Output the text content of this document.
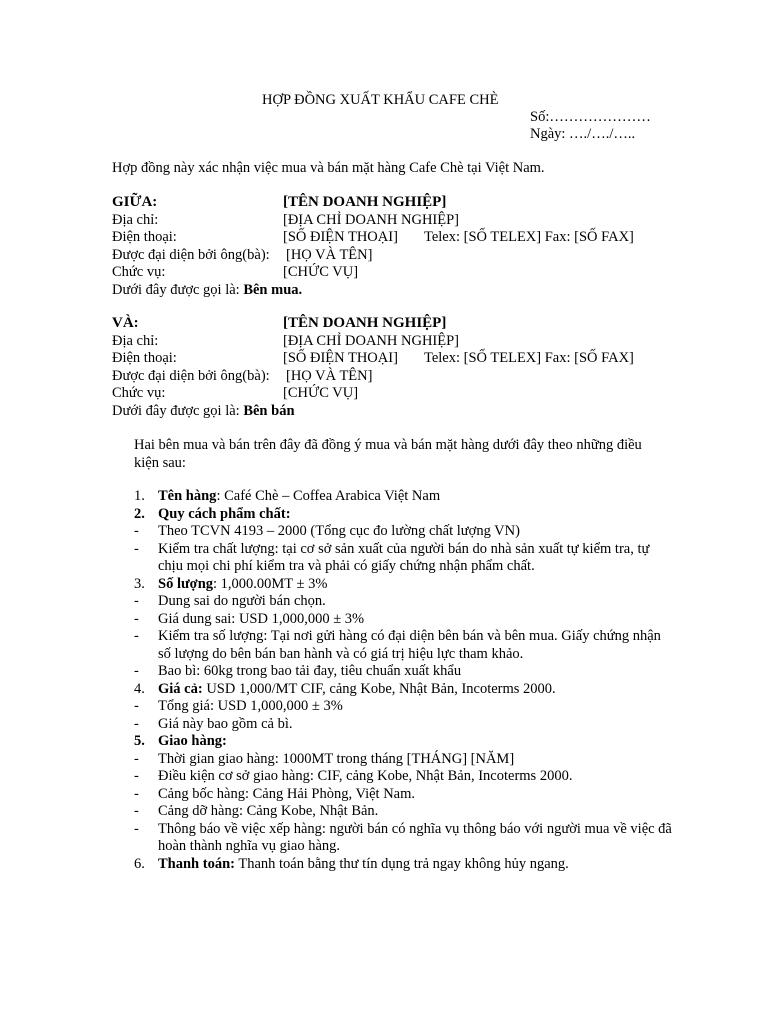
HỢP ĐỒNG XUẤT KHẨU CAFE CHÈ
Số:…………………
Ngày: …./…./…..
Hợp đồng này xác nhận việc mua và bán mặt hàng Cafe Chè tại Việt Nam.
GIỮA:	[TÊN DOANH NGHIỆP]
Địa chỉ:	[ĐỊA CHỈ DOANH NGHIỆP]
Điện thoại:	[SỐ ĐIỆN THOẠI] Telex: [SỐ TELEX] Fax: [SỐ FAX]
Được đại diện bởi ông(bà): [HỌ VÀ TÊN]
Chức vụ:	[CHỨC VỤ]
Dưới đây được gọi là: Bên mua.
VÀ:	[TÊN DOANH NGHIỆP]
Địa chỉ:	[ĐỊA CHỈ DOANH NGHIỆP]
Điện thoại:	[SỐ ĐIỆN THOẠI] Telex: [SỐ TELEX] Fax: [SỐ FAX]
Được đại diện bởi ông(bà): [HỌ VÀ TÊN]
Chức vụ:	[CHỨC VỤ]
Dưới đây được gọi là: Bên bán
Hai bên mua và bán trên đây đã đồng ý mua và bán mặt hàng dưới đây theo những điều kiện sau:
1. Tên hàng: Café Chè – Coffea Arabica Việt Nam
2. Quy cách phẩm chất:
- Theo TCVN 4193 – 2000 (Tổng cục đo lường chất lượng VN)
- Kiểm tra chất lượng: tại cơ sở sản xuất của người bán do nhà sản xuất tự kiểm tra, tự chịu mọi chi phí kiểm tra và phải có giấy chứng nhận phẩm chất.
3. Số lượng: 1,000.00MT ± 3%
- Dung sai do người bán chọn.
- Giá dung sai: USD 1,000,000 ± 3%
- Kiểm tra số lượng: Tại nơi gửi hàng có đại diện bên bán và bên mua. Giấy chứng nhận số lượng do bên bán ban hành và có giá trị hiệu lực tham khảo.
- Bao bì: 60kg trong bao tải đay, tiêu chuẩn xuất khẩu
4. Giá cả: USD 1,000/MT CIF, cảng Kobe, Nhật Bản, Incoterms 2000.
- Tổng giá: USD 1,000,000 ± 3%
- Giá này bao gồm cả bì.
5. Giao hàng:
- Thời gian giao hàng: 1000MT trong tháng [THÁNG] [NĂM]
- Điều kiện cơ sở giao hàng: CIF, cảng Kobe, Nhật Bản, Incoterms 2000.
- Cảng bốc hàng: Cảng Hải Phòng, Việt Nam.
- Cảng dỡ hàng: Cảng Kobe, Nhật Bản.
- Thông báo về việc xếp hàng: người bán có nghĩa vụ thông báo với người mua về việc đã hoàn thành nghĩa vụ giao hàng.
6. Thanh toán: Thanh toán bằng thư tín dụng trả ngay không hủy ngang.
